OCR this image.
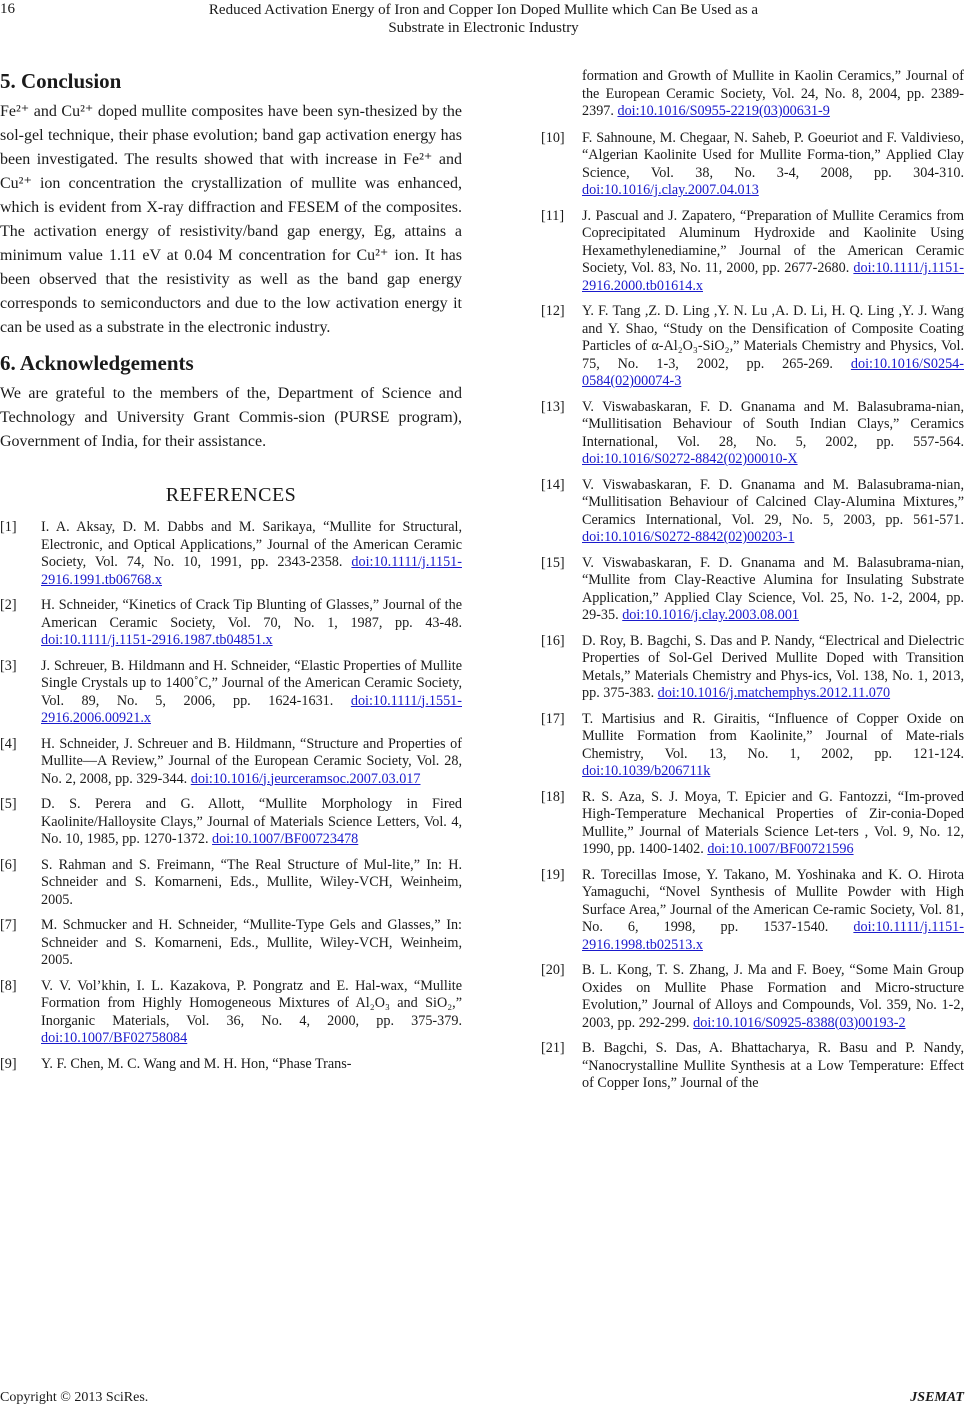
16	Reduced Activation Energy of Iron and Copper Ion Doped Mullite which Can Be Used as a
Substrate in Electronic Industry
5. Conclusion

Fe²⁺ and Cu²⁺ doped mullite composites have been syn-thesized by the sol-gel technique, their phase evolution; band gap activation energy has been investigated. The results showed that with increase in Fe²⁺ and Cu²⁺ ion concentration the crystallization of mullite was enhanced, which is evident from X-ray diffraction and FESEM of the composites. The activation energy of resistivity/band gap energy, Eg, attains a minimum value 1.11 eV at 0.04 M concentration for Cu²⁺ ion. It has been observed that the resistivity as well as the band gap energy corresponds to semiconductors and due to the low activation energy it can be used as a substrate in the electronic industry.

6. Acknowledgements

We are grateful to the members of the, Department of Science and Technology and University Grant Commis-sion (PURSE program), Government of India, for their assistance.

REFERENCES
[1] I. A. Aksay, D. M. Dabbs and M. Sarikaya, “Mullite for Structural, Electronic, and Optical Applications,” Journal of the American Ceramic Society, Vol. 74, No. 10, 1991, pp. 2343-2358. doi:10.1111/j.1151-2916.1991.tb06768.x
[2] H. Schneider, “Kinetics of Crack Tip Blunting of Glasses,” Journal of the American Ceramic Society, Vol. 70, No. 1, 1987, pp. 43-48. doi:10.1111/j.1151-2916.1987.tb04851.x
[3] J. Schreuer, B. Hildmann and H. Schneider, “Elastic Properties of Mullite Single Crystals up to 1400˚C,” Journal of the American Ceramic Society, Vol. 89, No. 5, 2006, pp. 1624-1631. doi:10.1111/j.1551-2916.2006.00921.x
[4] H. Schneider, J. Schreuer and B. Hildmann, “Structure and Properties of Mullite—A Review,” Journal of the European Ceramic Society, Vol. 28, No. 2, 2008, pp. 329-344. doi:10.1016/j.jeurceramsoc.2007.03.017
[5] D. S. Perera and G. Allott, “Mullite Morphology in Fired Kaolinite/Halloysite Clays,” Journal of Materials Science Letters, Vol. 4, No. 10, 1985, pp. 1270-1372. doi:10.1007/BF00723478
[6] S. Rahman and S. Freimann, “The Real Structure of Mul-lite,” In: H. Schneider and S. Komarneni, Eds., Mullite, Wiley-VCH, Weinheim, 2005.
[7] M. Schmucker and H. Schneider, “Mullite-Type Gels and Glasses,” In: Schneider and S. Komarneni, Eds., Mullite, Wiley-VCH, Weinheim, 2005.
[8] V. V. Vol’khin, I. L. Kazakova, P. Pongratz and E. Hal-wax, “Mullite Formation from Highly Homogeneous Mixtures of Al₂O₃ and SiO₂,” Inorganic Materials, Vol. 36, No. 4, 2000, pp. 375-379. doi:10.1007/BF02758084
[9] Y. F. Chen, M. C. Wang and M. H. Hon, “Phase Trans-
formation and Growth of Mullite in Kaolin Ceramics,” Journal of the European Ceramic Society, Vol. 24, No. 8, 2004, pp. 2389-2397. doi:10.1016/S0955-2219(03)00631-9
[10] F. Sahnoune, M. Chegaar, N. Saheb, P. Goeuriot and F. Valdivieso, “Algerian Kaolinite Used for Mullite Forma-tion,” Applied Clay Science, Vol. 38, No. 3-4, 2008, pp. 304-310. doi:10.1016/j.clay.2007.04.013
[11] J. Pascual and J. Zapatero, “Preparation of Mullite Ceramics from Coprecipitated Aluminum Hydroxide and Kaolinite Using Hexamethylenediamine,” Journal of the American Ceramic Society, Vol. 83, No. 11, 2000, pp. 2677-2680. doi:10.1111/j.1151-2916.2000.tb01614.x
[12] Y. F. Tang ,Z. D. Ling ,Y. N. Lu ,A. D. Li, H. Q. Ling ,Y. J. Wang and Y. Shao, “Study on the Densification of Composite Coating Particles of α-Al₂O₃-SiO₂,” Materials Chemistry and Physics, Vol. 75, No. 1-3, 2002, pp. 265-269. doi:10.1016/S0254-0584(02)00074-3
[13] V. Viswabaskaran, F. D. Gnanama and M. Balasubrama-nian, “Mullitisation Behaviour of South Indian Clays,” Ceramics International, Vol. 28, No. 5, 2002, pp. 557-564. doi:10.1016/S0272-8842(02)00010-X
[14] V. Viswabaskaran, F. D. Gnanama and M. Balasubrama-nian, “Mullitisation Behaviour of Calcined Clay-Alumina Mixtures,” Ceramics International, Vol. 29, No. 5, 2003, pp. 561-571. doi:10.1016/S0272-8842(02)00203-1
[15] V. Viswabaskaran, F. D. Gnanama and M. Balasubrama-nian, “Mullite from Clay-Reactive Alumina for Insulating Substrate Application,” Applied Clay Science, Vol. 25, No. 1-2, 2004, pp. 29-35. doi:10.1016/j.clay.2003.08.001
[16] D. Roy, B. Bagchi, S. Das and P. Nandy, “Electrical and Dielectric Properties of Sol-Gel Derived Mullite Doped with Transition Metals,” Materials Chemistry and Phys-ics, Vol. 138, No. 1, 2013, pp. 375-383. doi:10.1016/j.matchemphys.2012.11.070
[17] T. Martisius and R. Giraitis, “Influence of Copper Oxide on Mullite Formation from Kaolinite,” Journal of Mate-rials Chemistry, Vol. 13, No. 1, 2002, pp. 121-124. doi:10.1039/b206711k
[18] R. S. Aza, S. J. Moya, T. Epicier and G. Fantozzi, “Im-proved High-Temperature Mechanical Properties of Zir-conia-Doped Mullite,” Journal of Materials Science Let-ters , Vol. 9, No. 12, 1990, pp. 1400-1402. doi:10.1007/BF00721596
[19] R. Torecillas Imose, Y. Takano, M. Yoshinaka and K. O. Hirota Yamaguchi, “Novel Synthesis of Mullite Powder with High Surface Area,” Journal of the American Ce-ramic Society, Vol. 81, No. 6, 1998, pp. 1537-1540. doi:10.1111/j.1151-2916.1998.tb02513.x
[20] B. L. Kong, T. S. Zhang, J. Ma and F. Boey, “Some Main Group Oxides on Mullite Phase Formation and Micro-structure Evolution,” Journal of Alloys and Compounds, Vol. 359, No. 1-2, 2003, pp. 292-299. doi:10.1016/S0925-8388(03)00193-2
[21] B. Bagchi, S. Das, A. Bhattacharya, R. Basu and P. Nandy, “Nanocrystalline Mullite Synthesis at a Low Temperature: Effect of Copper Ions,” Journal of the
Copyright © 2013 SciRes.	JSEMAT
